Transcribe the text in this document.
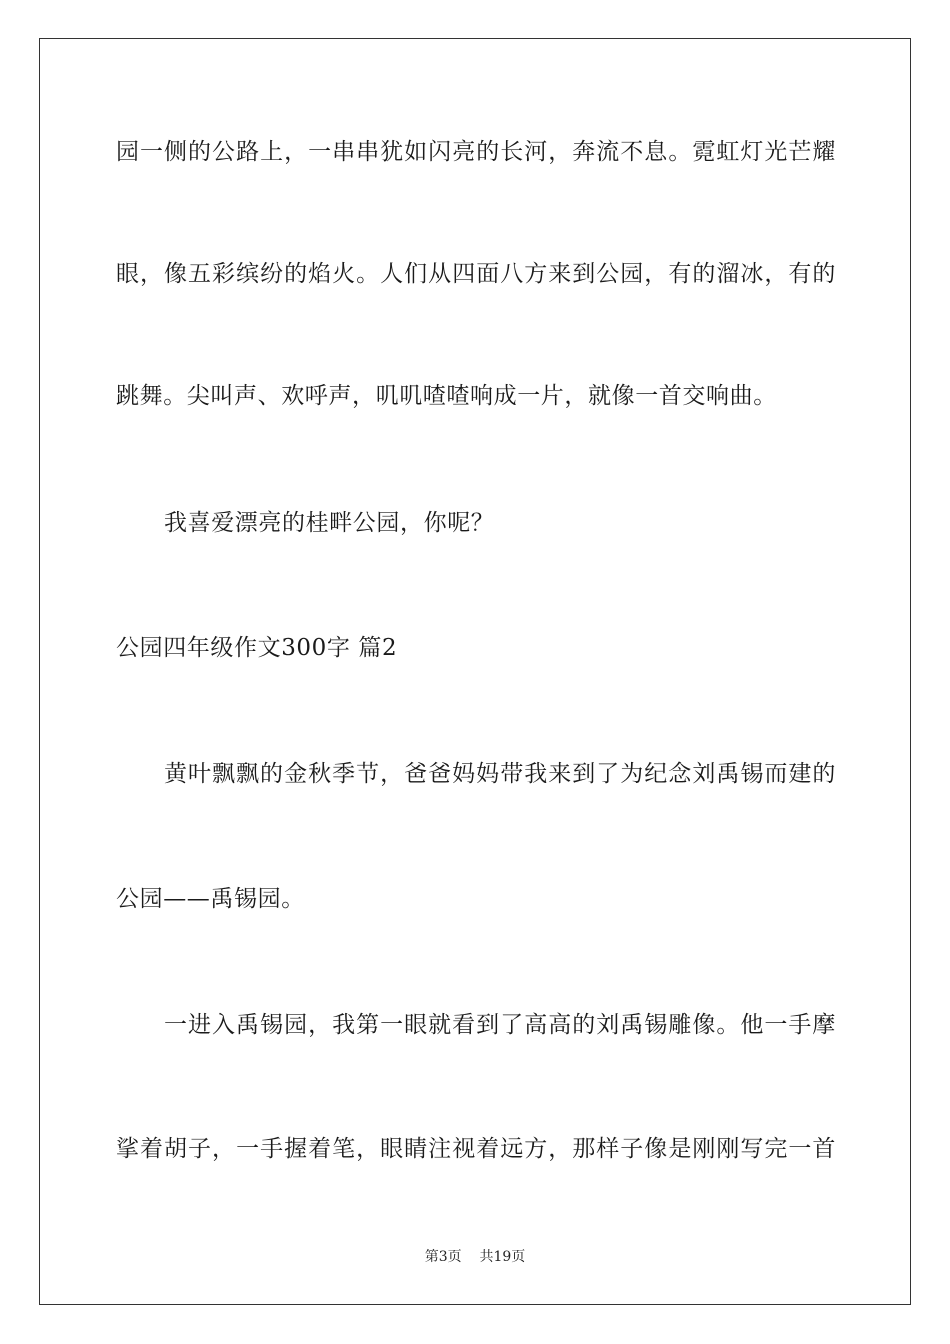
园一侧的公路上，一串串犹如闪亮的长河，奔流不息。霓虹灯光芒耀
眼，像五彩缤纷的焰火。人们从四面八方来到公园，有的溜冰，有的
跳舞。尖叫声、欢呼声，叽叽喳喳响成一片，就像一首交响曲。
我喜爱漂亮的桂畔公园，你呢？
公园四年级作文300字 篇2
黄叶飘飘的金秋季节，爸爸妈妈带我来到了为纪念刘禹锡而建的
公园——禹锡园。
一进入禹锡园，我第一眼就看到了高高的刘禹锡雕像。他一手摩
挲着胡子，一手握着笔，眼睛注视着远方，那样子像是刚刚写完一首
第3页 共19页
